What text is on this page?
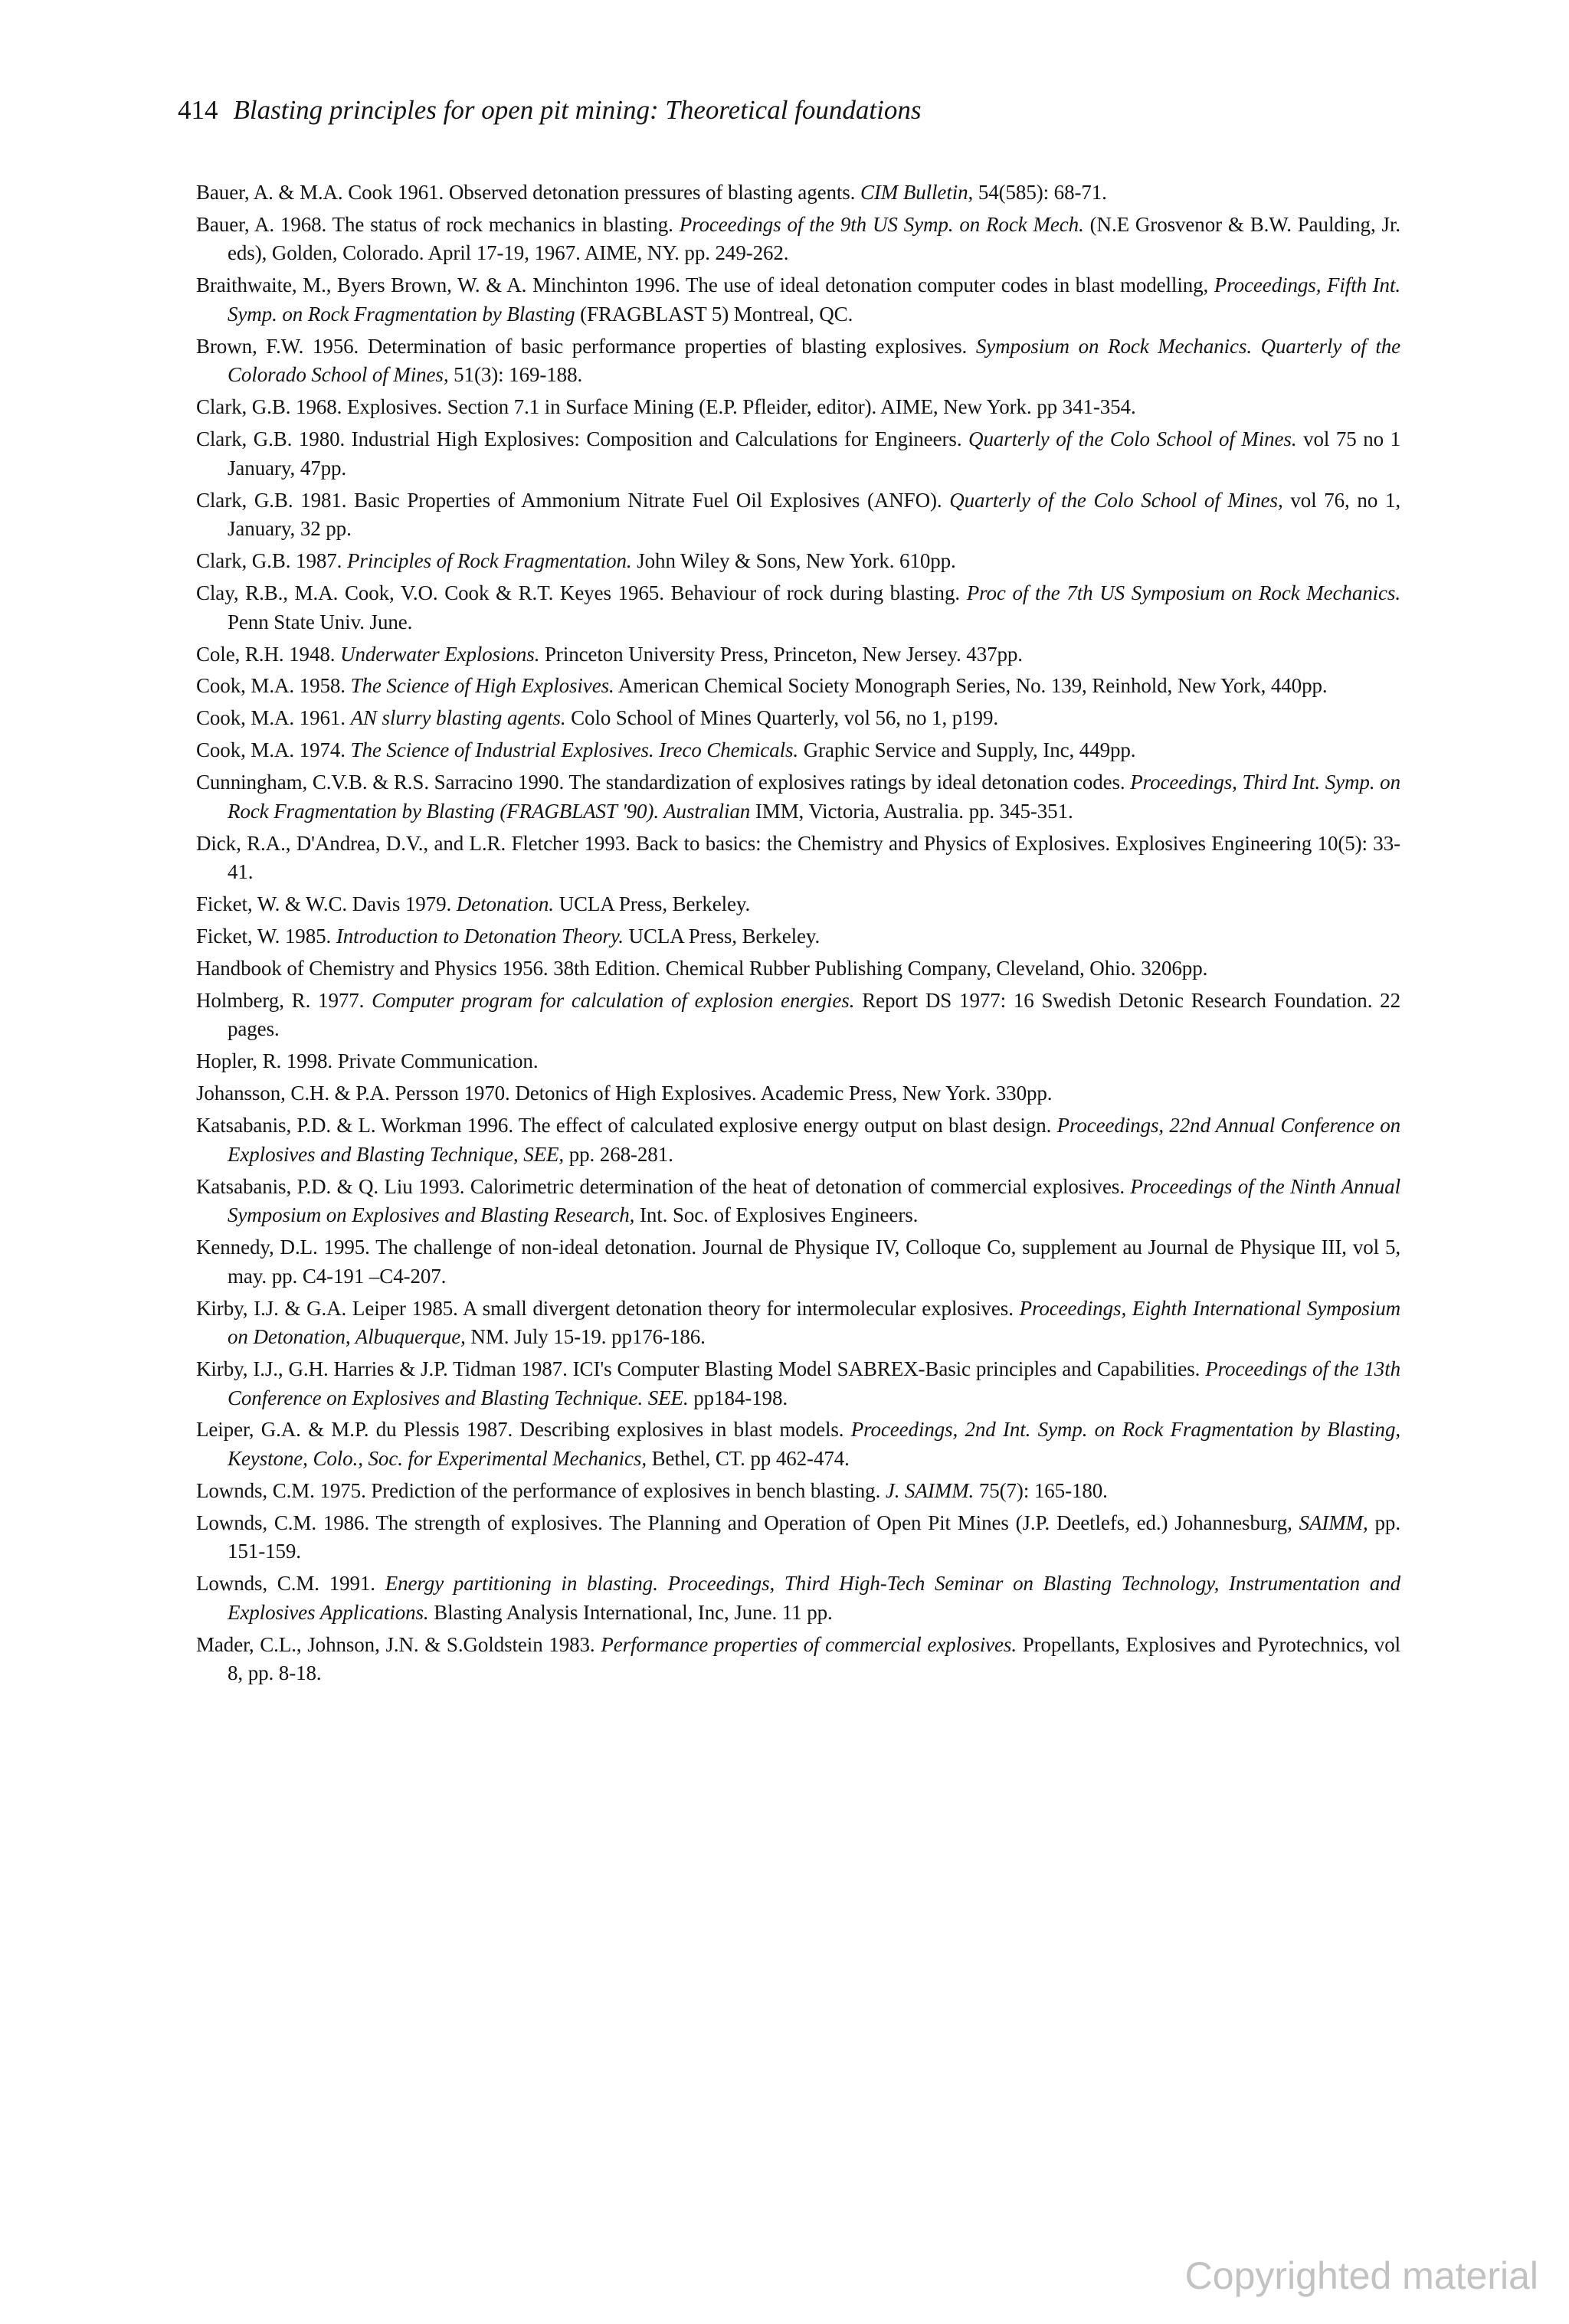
414 Blasting principles for open pit mining: Theoretical foundations
Bauer, A. & M.A. Cook 1961. Observed detonation pressures of blasting agents. CIM Bulletin, 54(585): 68-71.
Bauer, A. 1968. The status of rock mechanics in blasting. Proceedings of the 9th US Symp. on Rock Mech. (N.E Grosvenor & B.W. Paulding, Jr. eds), Golden, Colorado. April 17-19, 1967. AIME, NY. pp. 249-262.
Braithwaite, M., Byers Brown, W. & A. Minchinton 1996. The use of ideal detonation computer codes in blast modelling, Proceedings, Fifth Int. Symp. on Rock Fragmentation by Blasting (FRAGBLAST 5) Montreal, QC.
Brown, F.W. 1956. Determination of basic performance properties of blasting explosives. Symposium on Rock Mechanics. Quarterly of the Colorado School of Mines, 51(3): 169-188.
Clark, G.B. 1968. Explosives. Section 7.1 in Surface Mining (E.P. Pfleider, editor). AIME, New York. pp 341-354.
Clark, G.B. 1980. Industrial High Explosives: Composition and Calculations for Engineers. Quarterly of the Colo School of Mines. vol 75 no 1 January, 47pp.
Clark, G.B. 1981. Basic Properties of Ammonium Nitrate Fuel Oil Explosives (ANFO). Quarterly of the Colo School of Mines, vol 76, no 1, January, 32 pp.
Clark, G.B. 1987. Principles of Rock Fragmentation. John Wiley & Sons, New York. 610pp.
Clay, R.B., M.A. Cook, V.O. Cook & R.T. Keyes 1965. Behaviour of rock during blasting. Proc of the 7th US Symposium on Rock Mechanics. Penn State Univ. June.
Cole, R.H. 1948. Underwater Explosions. Princeton University Press, Princeton, New Jersey. 437pp.
Cook, M.A. 1958. The Science of High Explosives. American Chemical Society Monograph Series, No. 139, Reinhold, New York, 440pp.
Cook, M.A. 1961. AN slurry blasting agents. Colo School of Mines Quarterly, vol 56, no 1, p199.
Cook, M.A. 1974. The Science of Industrial Explosives. Ireco Chemicals. Graphic Service and Supply, Inc, 449pp.
Cunningham, C.V.B. & R.S. Sarracino 1990. The standardization of explosives ratings by ideal detonation codes. Proceedings, Third Int. Symp. on Rock Fragmentation by Blasting (FRAGBLAST '90). Australian IMM, Victoria, Australia. pp. 345-351.
Dick, R.A., D'Andrea, D.V., and L.R. Fletcher 1993. Back to basics: the Chemistry and Physics of Explosives. Explosives Engineering 10(5): 33-41.
Ficket, W. & W.C. Davis 1979. Detonation. UCLA Press, Berkeley.
Ficket, W. 1985. Introduction to Detonation Theory. UCLA Press, Berkeley.
Handbook of Chemistry and Physics 1956. 38th Edition. Chemical Rubber Publishing Company, Cleveland, Ohio. 3206pp.
Holmberg, R. 1977. Computer program for calculation of explosion energies. Report DS 1977: 16 Swedish Detonic Research Foundation. 22 pages.
Hopler, R. 1998. Private Communication.
Johansson, C.H. & P.A. Persson 1970. Detonics of High Explosives. Academic Press, New York. 330pp.
Katsabanis, P.D. & L. Workman 1996. The effect of calculated explosive energy output on blast design. Proceedings, 22nd Annual Conference on Explosives and Blasting Technique, SEE, pp. 268-281.
Katsabanis, P.D. & Q. Liu 1993. Calorimetric determination of the heat of detonation of commercial explosives. Proceedings of the Ninth Annual Symposium on Explosives and Blasting Research, Int. Soc. of Explosives Engineers.
Kennedy, D.L. 1995. The challenge of non-ideal detonation. Journal de Physique IV, Colloque Co, supplement au Journal de Physique III, vol 5, may. pp. C4-191 –C4-207.
Kirby, I.J. & G.A. Leiper 1985. A small divergent detonation theory for intermolecular explosives. Proceedings, Eighth International Symposium on Detonation, Albuquerque, NM. July 15-19. pp176-186.
Kirby, I.J., G.H. Harries & J.P. Tidman 1987. ICI's Computer Blasting Model SABREX-Basic principles and Capabilities. Proceedings of the 13th Conference on Explosives and Blasting Technique. SEE. pp184-198.
Leiper, G.A. & M.P. du Plessis 1987. Describing explosives in blast models. Proceedings, 2nd Int. Symp. on Rock Fragmentation by Blasting, Keystone, Colo., Soc. for Experimental Mechanics, Bethel, CT. pp 462-474.
Lownds, C.M. 1975. Prediction of the performance of explosives in bench blasting. J. SAIMM. 75(7): 165-180.
Lownds, C.M. 1986. The strength of explosives. The Planning and Operation of Open Pit Mines (J.P. Deetlefs, ed.) Johannesburg, SAIMM, pp. 151-159.
Lownds, C.M. 1991. Energy partitioning in blasting. Proceedings, Third High-Tech Seminar on Blasting Technology, Instrumentation and Explosives Applications. Blasting Analysis International, Inc, June. 11 pp.
Mader, C.L., Johnson, J.N. & S.Goldstein 1983. Performance properties of commercial explosives. Propellants, Explosives and Pyrotechnics, vol 8, pp. 8-18.
Copyrighted material
